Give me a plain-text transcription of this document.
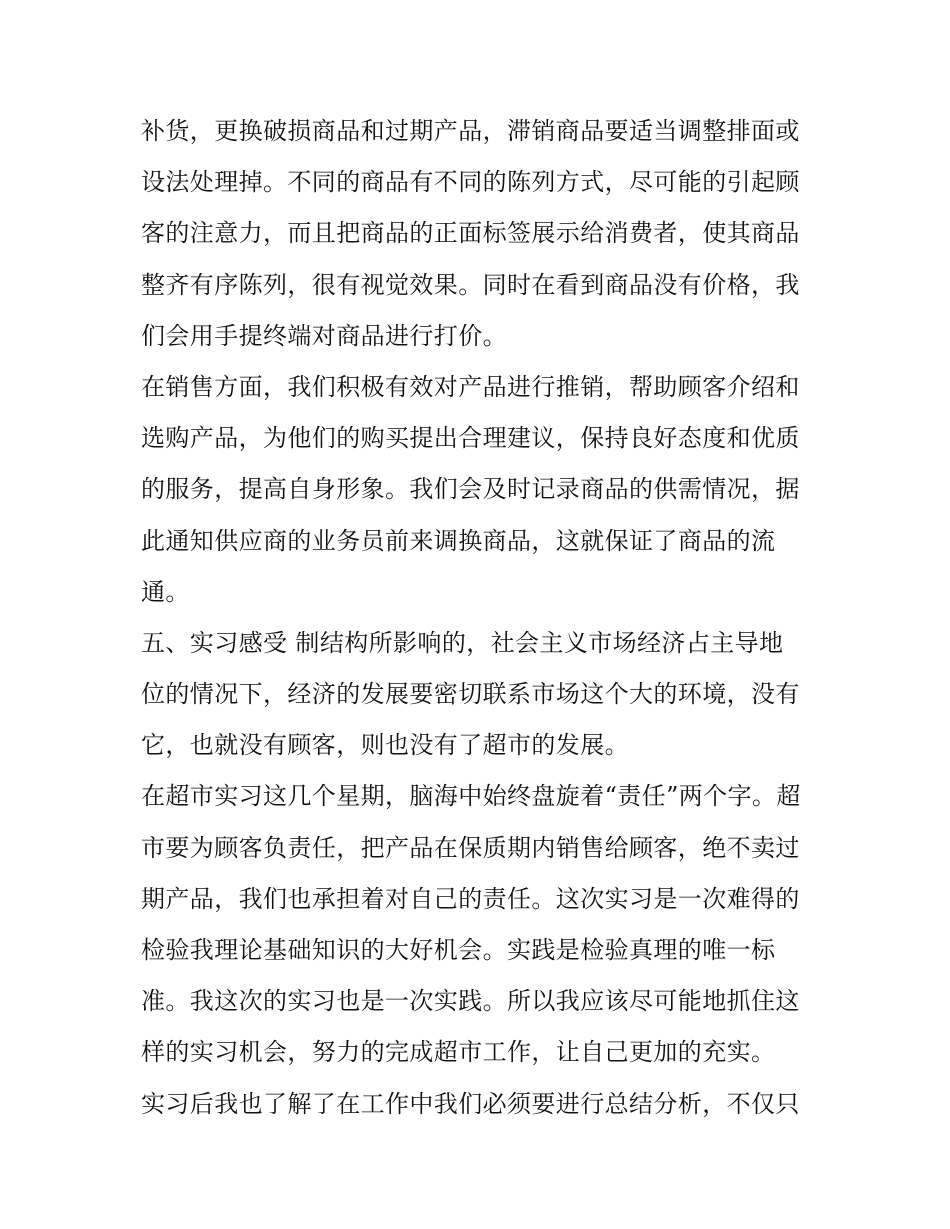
补货，更换破损商品和过期产品，滞销商品要适当调整排面或
设法处理掉。不同的商品有不同的陈列方式，尽可能的引起顾
客的注意力，而且把商品的正面标签展示给消费者，使其商品
整齐有序陈列，很有视觉效果。同时在看到商品没有价格，我
们会用手提终端对商品进行打价。
在销售方面，我们积极有效对产品进行推销，帮助顾客介绍和
选购产品，为他们的购买提出合理建议，保持良好态度和优质
的服务，提高自身形象。我们会及时记录商品的供需情况，据
此通知供应商的业务员前来调换商品，这就保证了商品的流
通。
五、实习感受 制结构所影响的，社会主义市场经济占主导地
位的情况下，经济的发展要密切联系市场这个大的环境，没有
它，也就没有顾客，则也没有了超市的发展。
在超市实习这几个星期，脑海中始终盘旋着“责任”两个字。超
市要为顾客负责任，把产品在保质期内销售给顾客，绝不卖过
期产品，我们也承担着对自己的责任。这次实习是一次难得的
检验我理论基础知识的大好机会。实践是检验真理的唯一标
准。我这次的实习也是一次实践。所以我应该尽可能地抓住这
样的实习机会，努力的完成超市工作，让自己更加的充实。
实习后我也了解了在工作中我们必须要进行总结分析，不仅只
